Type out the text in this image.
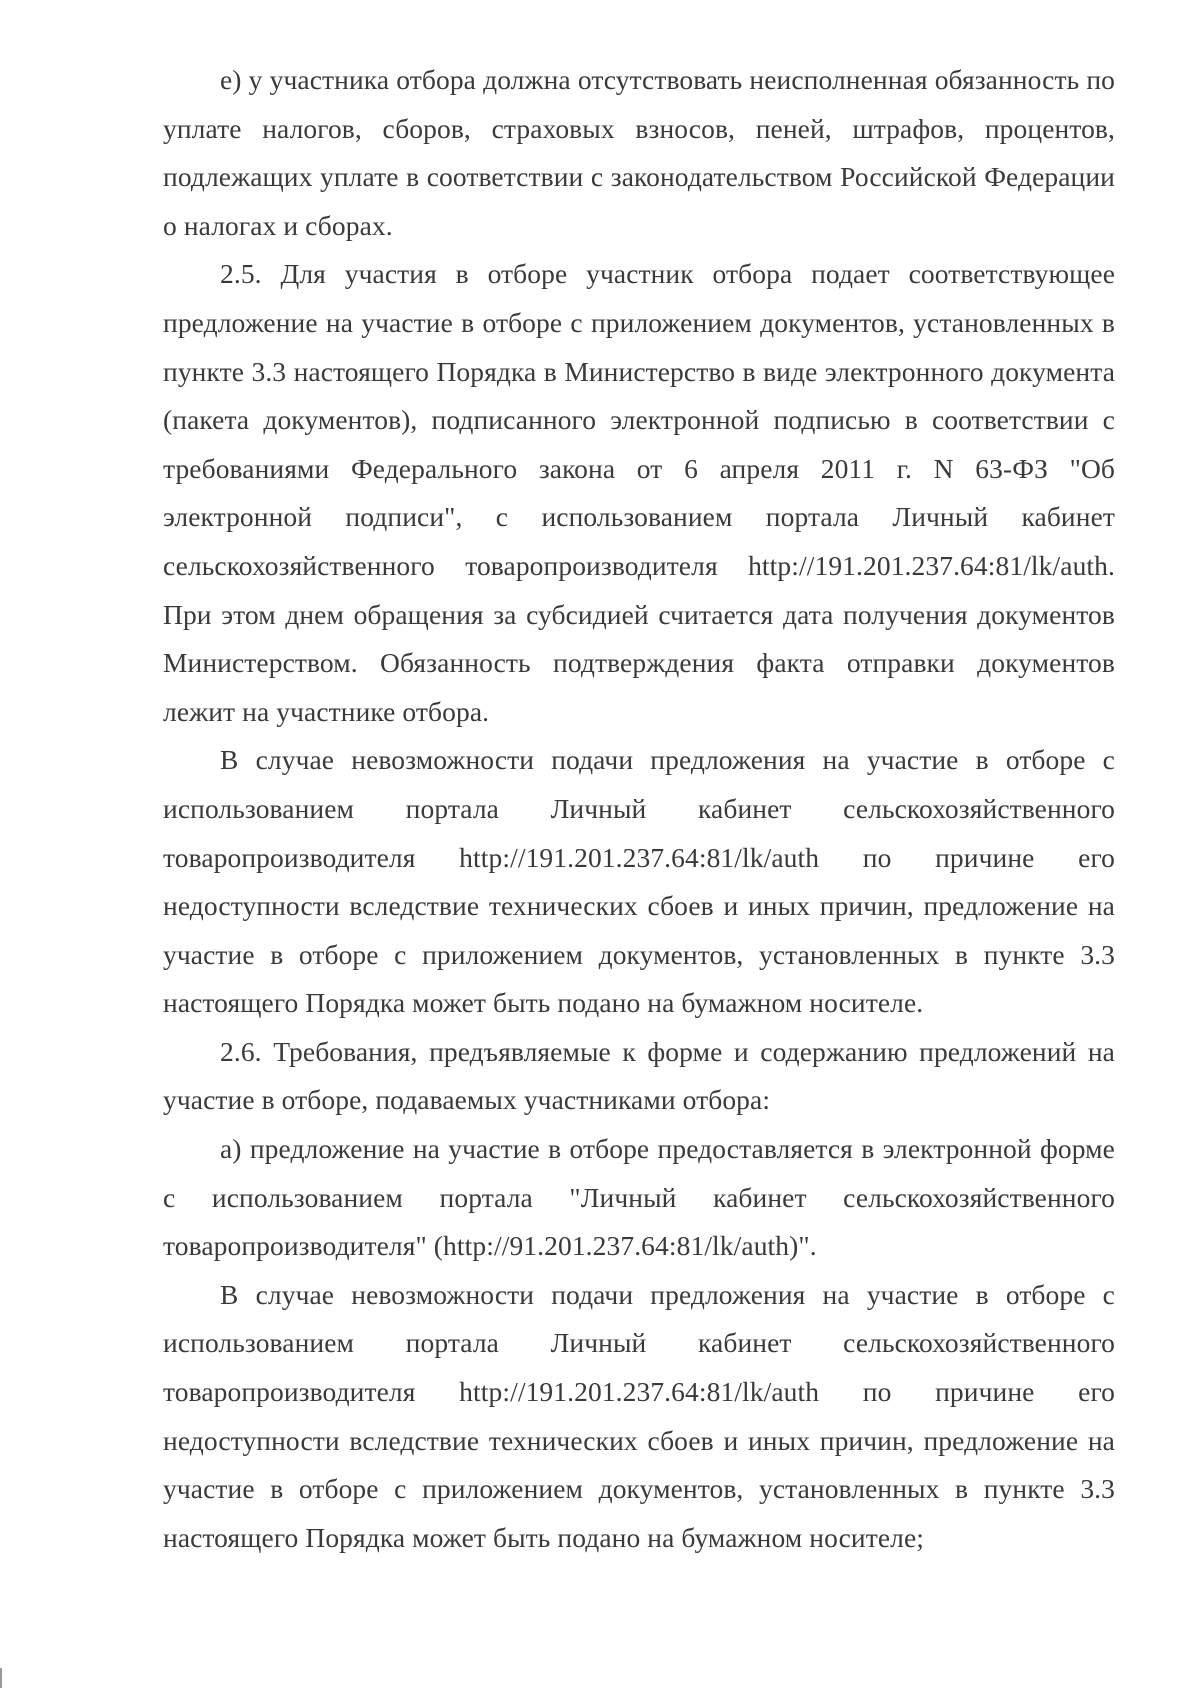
е) у участника отбора должна отсутствовать неисполненная обязанность по уплате налогов, сборов, страховых взносов, пеней, штрафов, процентов, подлежащих уплате в соответствии с законодательством Российской Федерации о налогах и сборах.

2.5. Для участия в отборе участник отбора подает соответствующее предложение на участие в отборе с приложением документов, установленных в пункте 3.3 настоящего Порядка в Министерство в виде электронного документа (пакета документов), подписанного электронной подписью в соответствии с требованиями Федерального закона от 6 апреля 2011 г. N 63-ФЗ "Об электронной подписи", с использованием портала Личный кабинет сельскохозяйственного товаропроизводителя http://191.201.237.64:81/lk/auth. При этом днем обращения за субсидией считается дата получения документов Министерством. Обязанность подтверждения факта отправки документов лежит на участнике отбора.

В случае невозможности подачи предложения на участие в отборе с использованием портала Личный кабинет сельскохозяйственного товаропроизводителя http://191.201.237.64:81/lk/auth по причине его недоступности вследствие технических сбоев и иных причин, предложение на участие в отборе с приложением документов, установленных в пункте 3.3 настоящего Порядка может быть подано на бумажном носителе.

2.6. Требования, предъявляемые к форме и содержанию предложений на участие в отборе, подаваемых участниками отбора:

а) предложение на участие в отборе предоставляется в электронной форме с использованием портала "Личный кабинет сельскохозяйственного товаропроизводителя" (http://91.201.237.64:81/lk/auth)".

В случае невозможности подачи предложения на участие в отборе с использованием портала Личный кабинет сельскохозяйственного товаропроизводителя http://191.201.237.64:81/lk/auth по причине его недоступности вследствие технических сбоев и иных причин, предложение на участие в отборе с приложением документов, установленных в пункте 3.3 настоящего Порядка может быть подано на бумажном носителе;
